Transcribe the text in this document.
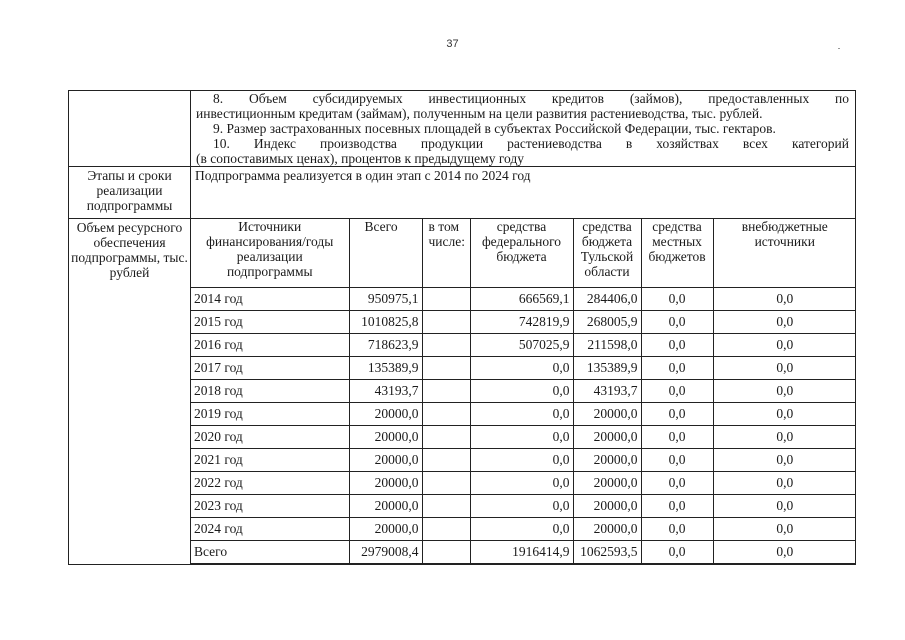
37

8. Объем субсидируемых инвестиционных кредитов (займов), предоставленных по
инвестиционным кредитам (займам), полученным на цели развития растениеводства, тыс. рублей.
9. Размер застрахованных посевных площадей в субъектах Российской Федерации, тыс. гектаров.
10. Индекс производства продукции растениеводства в хозяйствах всех категорий
(в сопоставимых ценах), процентов к предыдущему году

Этапы и сроки реализации подпрограммы	Подпрограмма реализуется в один этап с 2014 по 2024 год
Объем ресурсного обеспечения подпрограммы, тыс. рублей	
Источники финансирования/годы реализации подпрограммы	Всего	в том числе:	средства федерального бюджета	средства бюджета Тульской области	средства местных бюджетов	внебюджетные источники
2014 год	950975,1		666569,1	284406,0	0,0	0,0
2015 год	1010825,8		742819,9	268005,9	0,0	0,0
2016 год	718623,9		507025,9	211598,0	0,0	0,0
2017 год	135389,9		0,0	135389,9	0,0	0,0
2018 год	43193,7		0,0	43193,7	0,0	0,0
2019 год	20000,0		0,0	20000,0	0,0	0,0
2020 год	20000,0		0,0	20000,0	0,0	0,0
2021 год	20000,0		0,0	20000,0	0,0	0,0
2022 год	20000,0		0,0	20000,0	0,0	0,0
2023 год	20000,0		0,0	20000,0	0,0	0,0
2024 год	20000,0		0,0	20000,0	0,0	0,0
Всего	2979008,4		1916414,9	1062593,5	0,0	0,0
